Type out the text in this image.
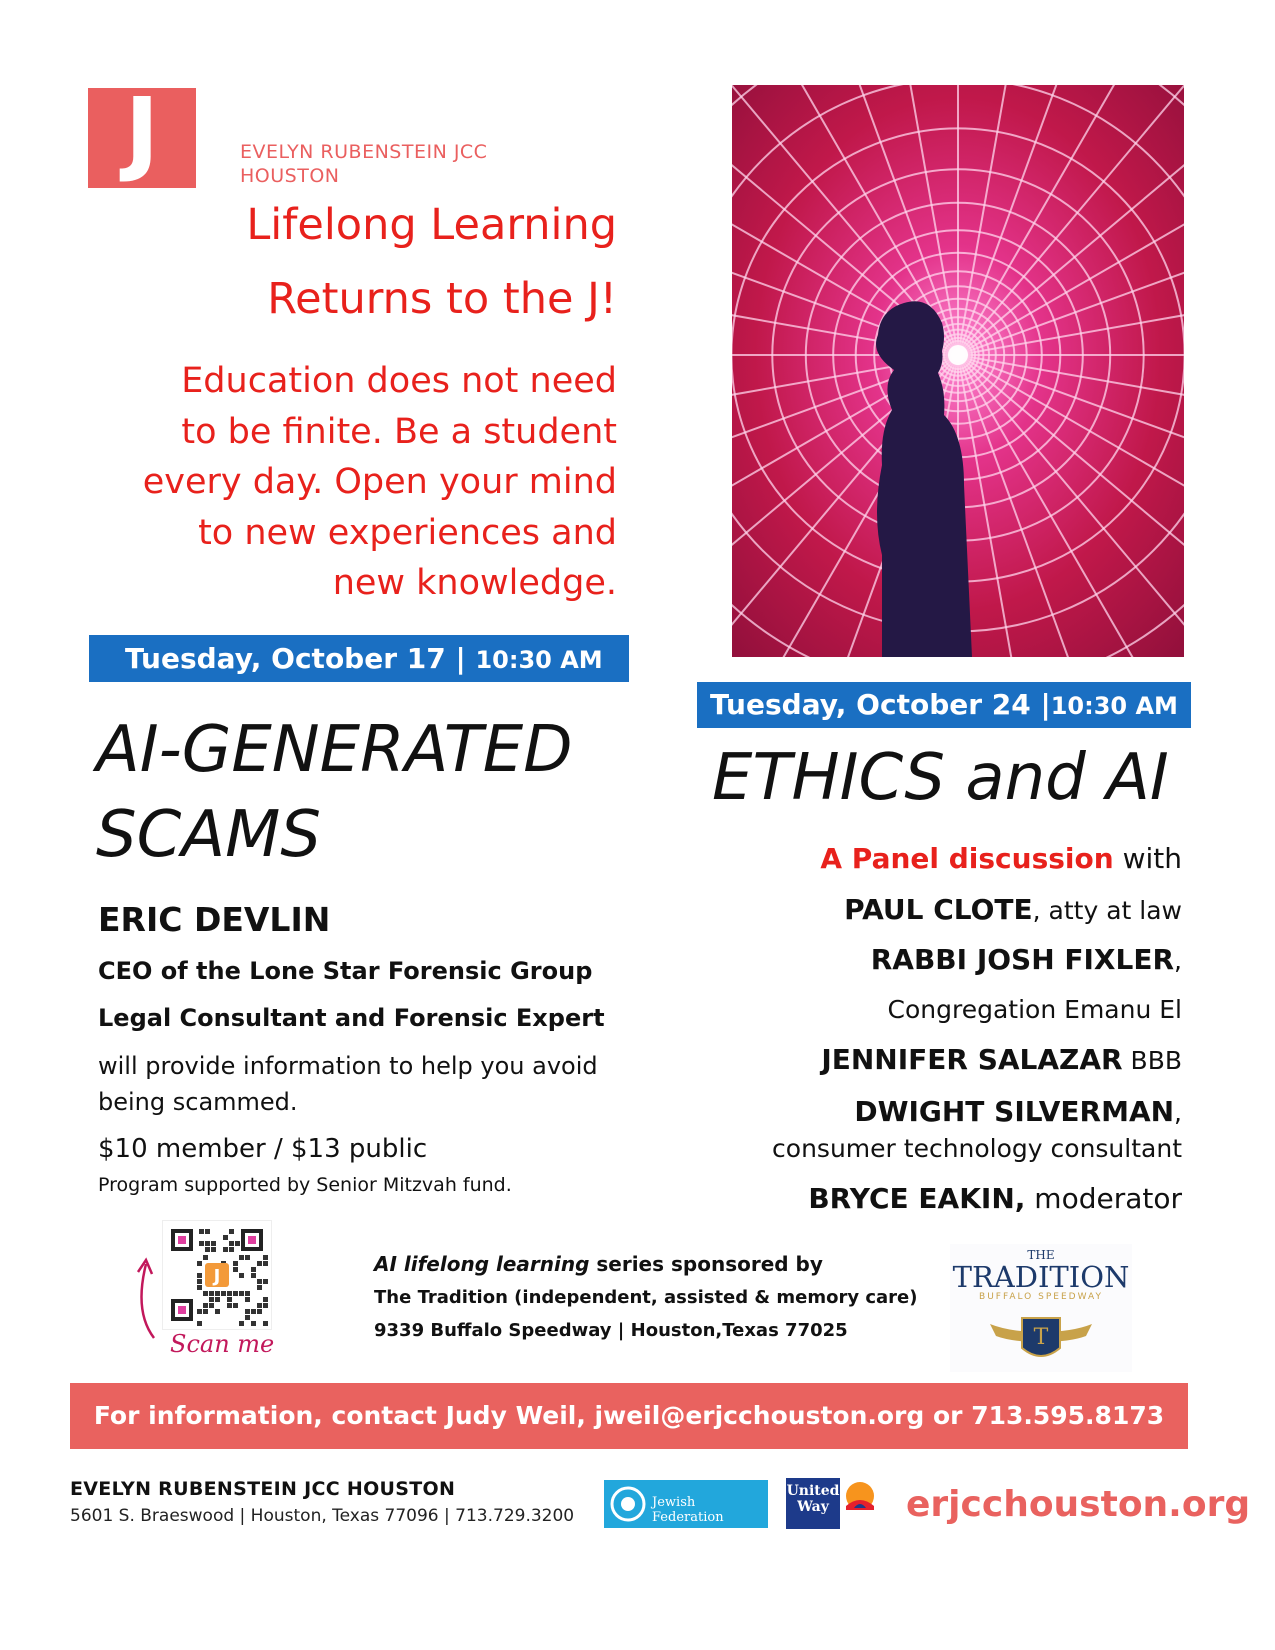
J	EVELYN RUBENSTEIN JCC
HOUSTON
Lifelong Learning
Returns to the J!
Education does not need
to be finite. Be a student
every day. Open your mind
to new experiences and
new knowledge.
Tuesday, October 17 | 10:30 AM
AI-GENERATED
SCAMS
ERIC DEVLIN
CEO of the Lone Star Forensic Group
Legal Consultant and Forensic Expert
will provide information to help you avoid being scammed.
$10 member / $13 public
Program supported by Senior Mitzvah fund.
Tuesday, October 24 |10:30 AM
ETHICS and AI
A Panel discussion with
PAUL CLOTE, atty at law
RABBI JOSH FIXLER,
Congregation Emanu El
JENNIFER SALAZAR BBB
DWIGHT SILVERMAN,
consumer technology consultant
BRYCE EAKIN, moderator
J
Scan me
AI lifelong learning series sponsored by
The Tradition (independent, assisted & memory care)
9339 Buffalo Speedway | Houston,Texas 77025
THE
TRADITION
BUFFALO SPEEDWAY
T
For information, contact Judy Weil, jweil@erjcchouston.org or 713.595.8173
EVELYN RUBENSTEIN JCC HOUSTON
5601 S. Braeswood | Houston, Texas 77096 | 713.729.3200
Jewish Federation
United
Way	erjcchouston.org
